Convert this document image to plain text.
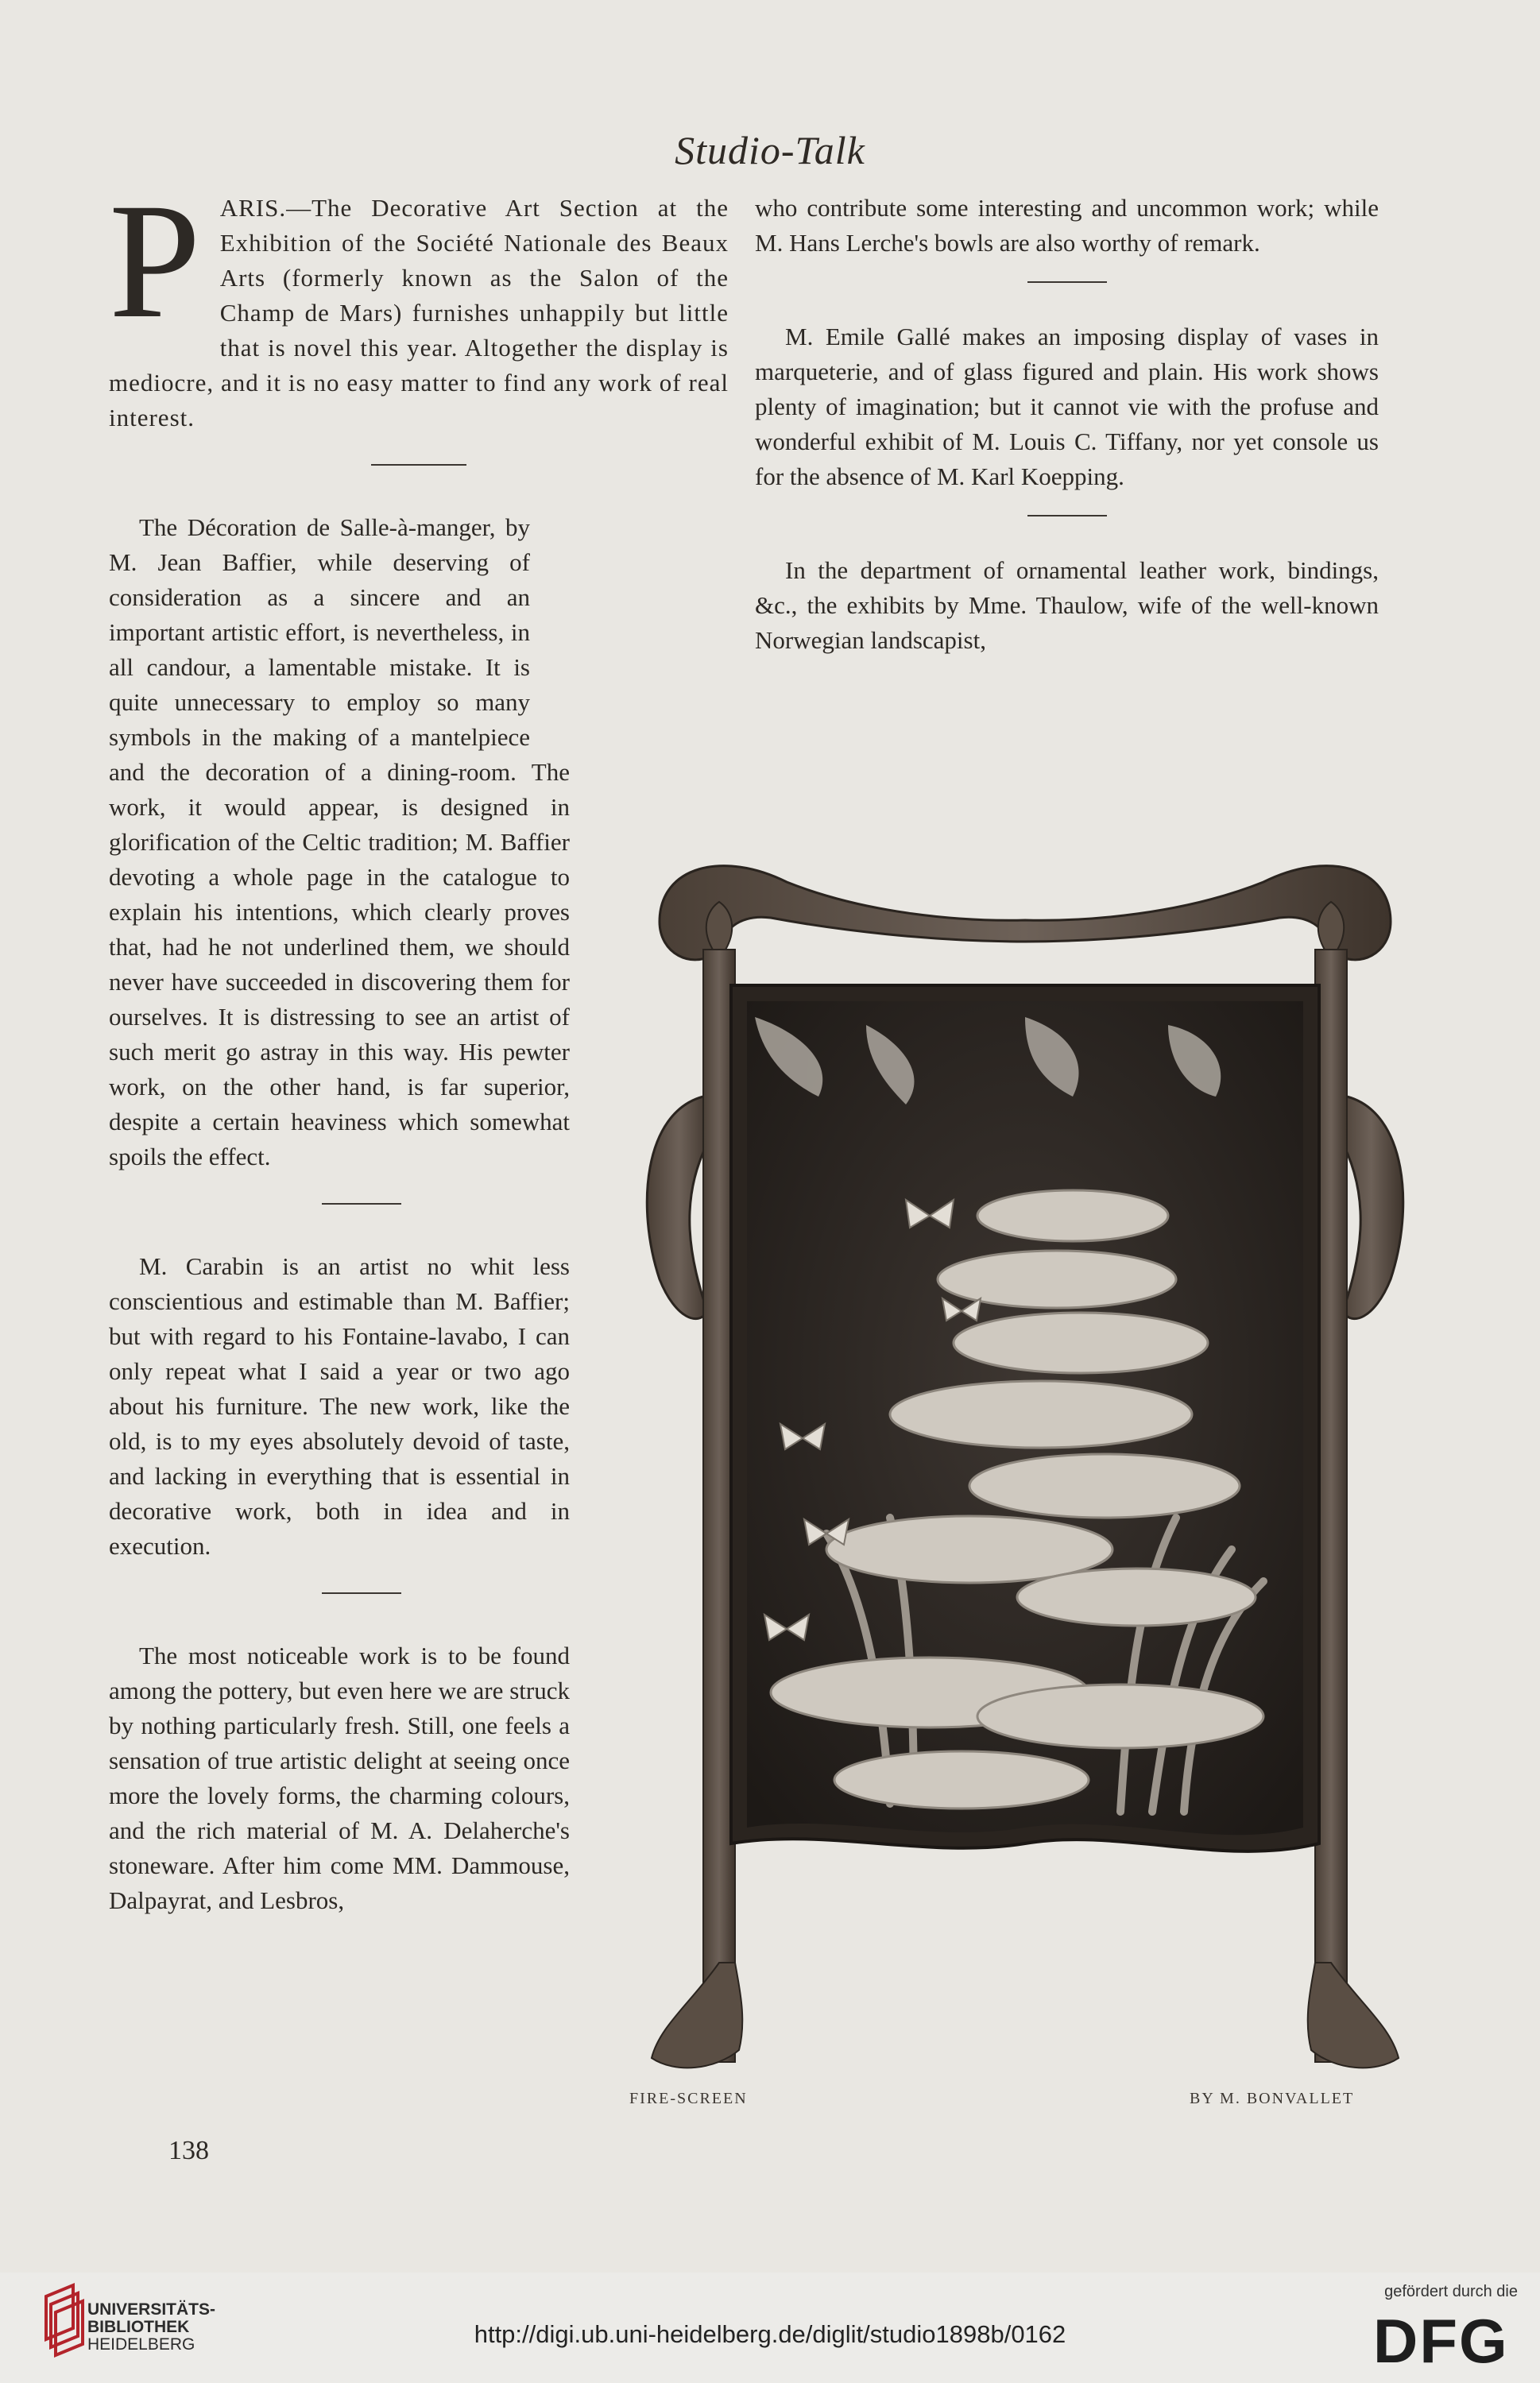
Studio-Talk
P ARIS.—The Decorative Art Section at the Exhibition of the Société Nationale des Beaux Arts (formerly known as the Salon of the Champ de Mars) furnishes unhappily but little that is novel this year. Altogether the display is mediocre, and it is no easy matter to find any work of real interest.

The Décoration de Salle-à-manger, by M. Jean Baffier, while deserving of consideration as a sincere and an important artistic effort, is nevertheless, in all candour, a lamentable mistake. It is quite unnecessary to employ so many symbols in the making of a mantelpiece and the decoration of a dining-room. The work, it would appear, is designed in glorification of the Celtic tradition; M. Baffier devoting a whole page in the catalogue to explain his intentions, which clearly proves that, had he not underlined them, we should never have succeeded in discovering them for ourselves. It is distressing to see an artist of such merit go astray in this way. His pewter work, on the other hand, is far superior, despite a certain heaviness which somewhat spoils the effect.

M. Carabin is an artist no whit less conscientious and estimable than M. Baffier; but with regard to his Fontaine-lavabo, I can only repeat what I said a year or two ago about his furniture. The new work, like the old, is to my eyes absolutely devoid of taste, and lacking in everything that is essential in decorative work, both in idea and in execution.

The most noticeable work is to be found among the pottery, but even here we are struck by nothing particularly fresh. Still, one feels a sensation of true artistic delight at seeing once more the lovely forms, the charming colours, and the rich material of M. A. Delaherche's stoneware. After him come MM. Dammouse, Dalpayrat, and Lesbros,

who contribute some interesting and uncommon work; while M. Hans Lerche's bowls are also worthy of remark.

M. Emile Gallé makes an imposing display of vases in marqueterie, and of glass figured and plain. His work shows plenty of imagination; but it cannot vie with the profuse and wonderful exhibit of M. Louis C. Tiffany, nor yet console us for the absence of M. Karl Koepping.

In the department of ornamental leather work, bindings, &c., the exhibits by Mme. Thaulow, wife of the well-known Norwegian landscapist,

FIRE-SCREEN	BY M. BONVALLET
138
UNIVERSITÄTS-
BIBLIOTHEK
HEIDELBERG	http://digi.ub.uni-heidelberg.de/diglit/studio1898b/0162
gefördert durch die
DFG
